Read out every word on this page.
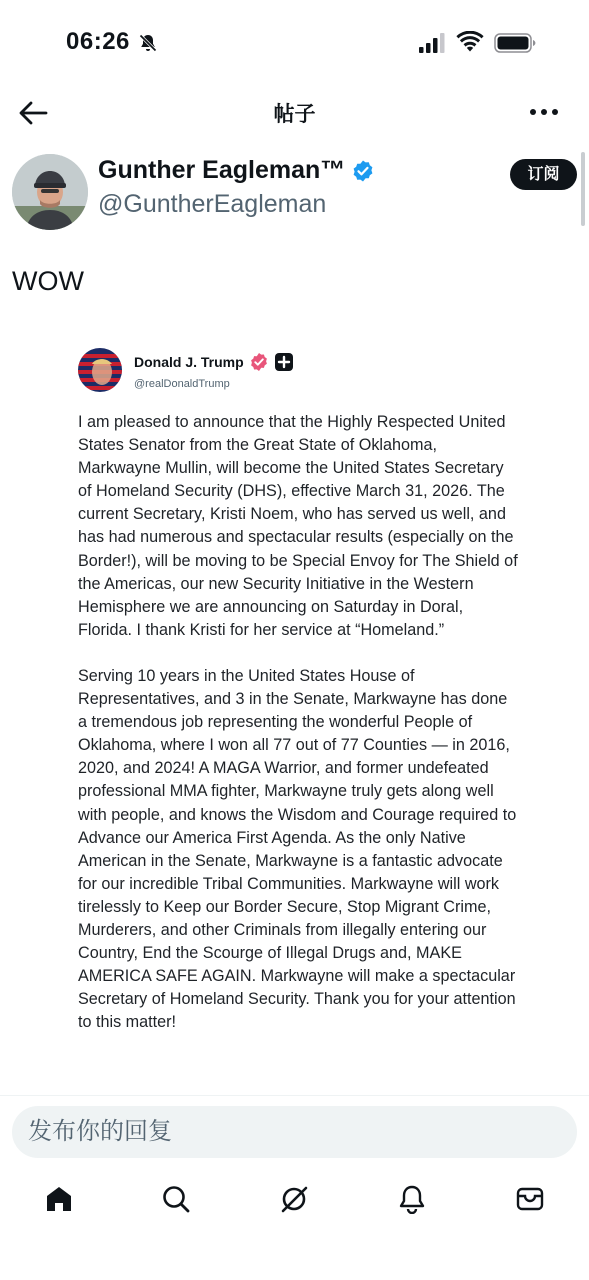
06:26
帖子
Gunther Eagleman™
@GuntherEagleman
订阅
WOW
Donald J. Trump
@realDonaldTrump

I am pleased to announce that the Highly Respected United States Senator from the Great State of Oklahoma, Markwayne Mullin, will become the United States Secretary of Homeland Security (DHS), effective March 31, 2026. The current Secretary, Kristi Noem, who has served us well, and has had numerous and spectacular results (especially on the Border!), will be moving to be Special Envoy for The Shield of the Americas, our new Security Initiative in the Western Hemisphere we are announcing on Saturday in Doral, Florida. I thank Kristi for her service at “Homeland.”

Serving 10 years in the United States House of Representatives, and 3 in the Senate, Markwayne has done a tremendous job representing the wonderful People of Oklahoma, where I won all 77 out of 77 Counties — in 2016, 2020, and 2024! A MAGA Warrior, and former undefeated professional MMA fighter, Markwayne truly gets along well with people, and knows the Wisdom and Courage required to Advance our America First Agenda. As the only Native American in the Senate, Markwayne is a fantastic advocate for our incredible Tribal Communities. Markwayne will work tirelessly to Keep our Border Secure, Stop Migrant Crime, Murderers, and other Criminals from illegally entering our Country, End the Scourge of Illegal Drugs and, MAKE AMERICA SAFE AGAIN. Markwayne will make a spectacular Secretary of Homeland Security. Thank you for your attention to this matter!

发布你的回复
